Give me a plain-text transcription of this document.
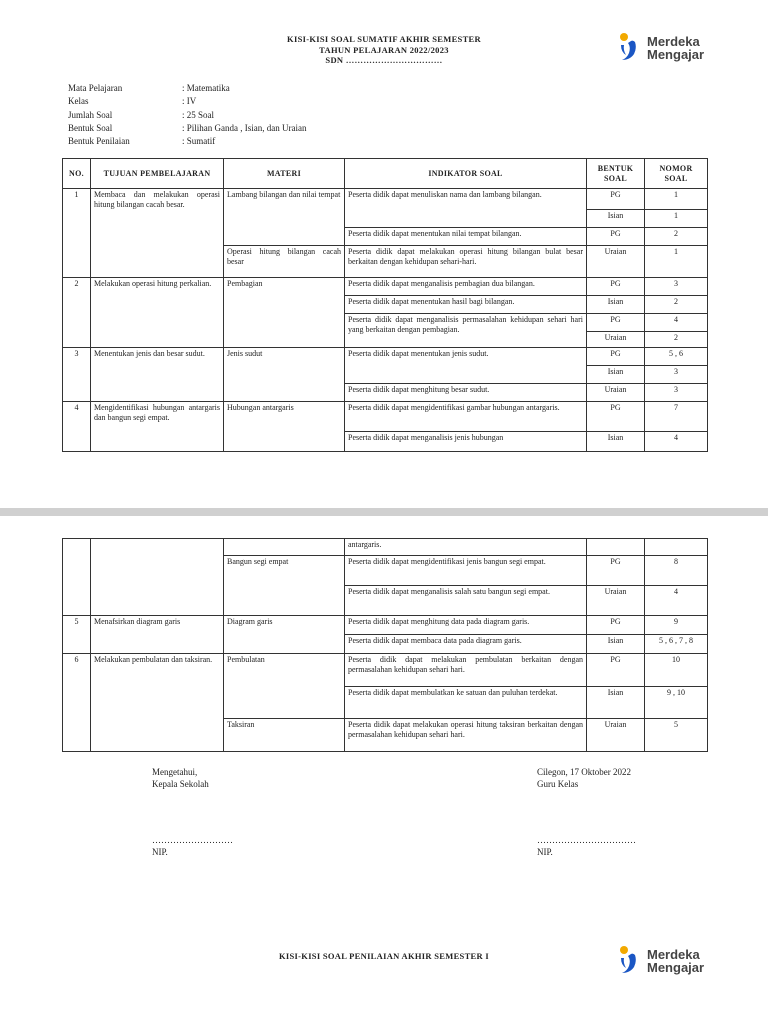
KISI-KISI SOAL SUMATIF AKHIR SEMESTER
TAHUN PELAJARAN 2022/2023
SDN ……………………………
Merdeka
Mengajar
Mata Pelajaran	: Matematika
Kelas	: IV
Jumlah Soal	: 25 Soal
Bentuk Soal	: Pilihan Ganda , Isian, dan Uraian
Bentuk Penilaian	: Sumatif
NO.	TUJUAN PEMBELAJARAN	MATERI	INDIKATOR SOAL	BENTUK SOAL	NOMOR SOAL
1	Membaca dan melakukan operasi hitung bilangan cacah besar.	Lambang bilangan dan nilai tempat	Peserta didik dapat menuliskan nama dan lambang bilangan.	PG	1
				Isian	1
			Peserta didik dapat menentukan nilai tempat bilangan.	PG	2
		Operasi hitung bilangan cacah besar	Peserta didik dapat melakukan operasi hitung bilangan bulat besar berkaitan dengan kehidupan sehari-hari.	Uraian	1
2	Melakukan operasi hitung perkalian.	Pembagian	Peserta didik dapat menganalisis pembagian dua bilangan.	PG	3
			Peserta didik dapat menentukan hasil bagi bilangan.	Isian	2
			Peserta didik dapat menganalisis permasalahan kehidupan sehari hari yang berkaitan dengan pembagian.	PG	4
				Uraian	2
3	Menentukan jenis dan besar sudut.	Jenis sudut	Peserta didik dapat menentukan jenis sudut.	PG	5 , 6
				Isian	3
			Peserta didik dapat menghitung besar sudut.	Uraian	3
4	Mengidentifikasi hubungan antargaris dan bangun segi empat.	Hubungan antargaris	Peserta didik dapat mengidentifikasi gambar hubungan antargaris.	PG	7
			Peserta didik dapat menganalisis jenis hubungan	Isian	4
			antargaris.		
		Bangun segi empat	Peserta didik dapat mengidentifikasi jenis bangun segi empat.	PG	8
			Peserta didik dapat menganalisis salah satu bangun segi empat.	Uraian	4
5	Menafsirkan diagram garis	Diagram garis	Peserta didik dapat menghitung data pada diagram garis.	PG	9
			Peserta didik dapat membaca data pada diagram garis.	Isian	5 , 6 , 7 , 8
6	Melakukan pembulatan dan taksiran.	Pembulatan	Peserta didik dapat melakukan pembulatan berkaitan dengan permasalahan kehidupan sehari hari.	PG	10
			Peserta didik dapat membulatkan ke satuan dan puluhan terdekat.	Isian	9 , 10
		Taksiran	Peserta didik dapat melakukan operasi hitung taksiran berkaitan dengan permasalahan kehidupan sehari hari.	Uraian	5
Mengetahui,
Kepala Sekolah
………………………
NIP.
Cilegon, 17 Oktober 2022
Guru Kelas
……………………………
NIP.
KISI-KISI SOAL PENILAIAN AKHIR SEMESTER I	Merdeka
Mengajar
